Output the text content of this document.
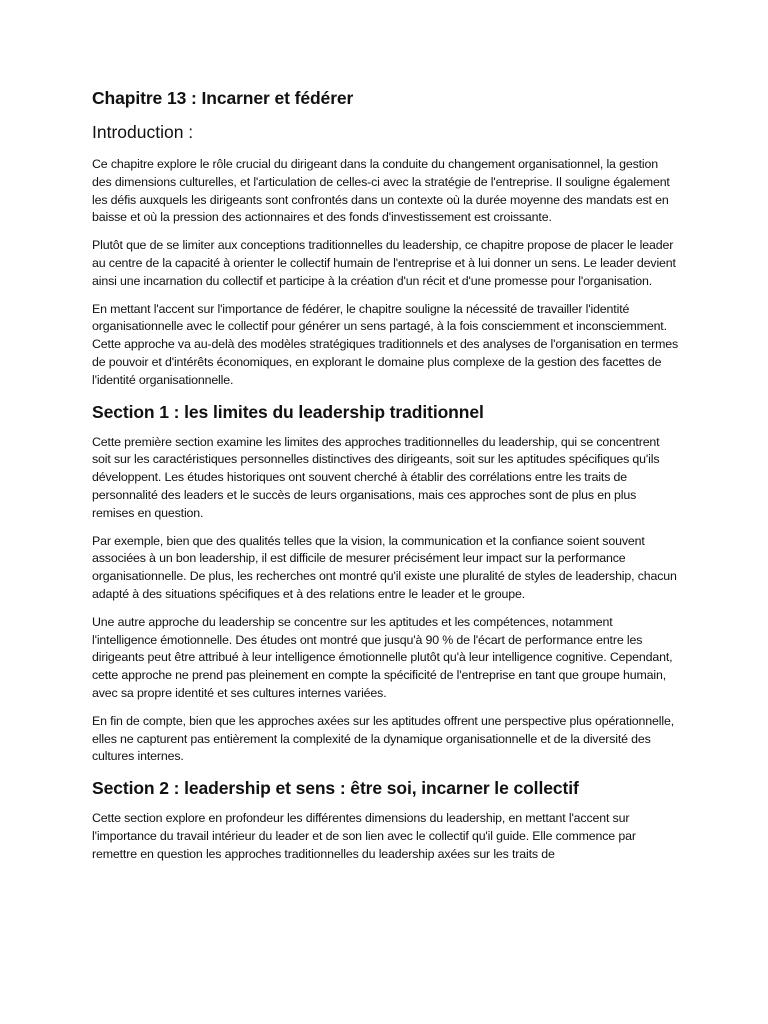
Chapitre 13 : Incarner et fédérer
Introduction :

Ce chapitre explore le rôle crucial du dirigeant dans la conduite du changement organisationnel, la gestion des dimensions culturelles, et l'articulation de celles-ci avec la stratégie de l'entreprise. Il souligne également les défis auxquels les dirigeants sont confrontés dans un contexte où la durée moyenne des mandats est en baisse et où la pression des actionnaires et des fonds d'investissement est croissante.

Plutôt que de se limiter aux conceptions traditionnelles du leadership, ce chapitre propose de placer le leader au centre de la capacité à orienter le collectif humain de l'entreprise et à lui donner un sens. Le leader devient ainsi une incarnation du collectif et participe à la création d'un récit et d'une promesse pour l'organisation.

En mettant l'accent sur l'importance de fédérer, le chapitre souligne la nécessité de travailler l'identité organisationnelle avec le collectif pour générer un sens partagé, à la fois consciemment et inconsciemment. Cette approche va au-delà des modèles stratégiques traditionnels et des analyses de l'organisation en termes de pouvoir et d'intérêts économiques, en explorant le domaine plus complexe de la gestion des facettes de l'identité organisationnelle.

Section 1 : les limites du leadership traditionnel

Cette première section examine les limites des approches traditionnelles du leadership, qui se concentrent soit sur les caractéristiques personnelles distinctives des dirigeants, soit sur les aptitudes spécifiques qu'ils développent. Les études historiques ont souvent cherché à établir des corrélations entre les traits de personnalité des leaders et le succès de leurs organisations, mais ces approches sont de plus en plus remises en question.

Par exemple, bien que des qualités telles que la vision, la communication et la confiance soient souvent associées à un bon leadership, il est difficile de mesurer précisément leur impact sur la performance organisationnelle. De plus, les recherches ont montré qu'il existe une pluralité de styles de leadership, chacun adapté à des situations spécifiques et à des relations entre le leader et le groupe.

Une autre approche du leadership se concentre sur les aptitudes et les compétences, notamment l'intelligence émotionnelle. Des études ont montré que jusqu'à 90 % de l'écart de performance entre les dirigeants peut être attribué à leur intelligence émotionnelle plutôt qu'à leur intelligence cognitive. Cependant, cette approche ne prend pas pleinement en compte la spécificité de l'entreprise en tant que groupe humain, avec sa propre identité et ses cultures internes variées.

En fin de compte, bien que les approches axées sur les aptitudes offrent une perspective plus opérationnelle, elles ne capturent pas entièrement la complexité de la dynamique organisationnelle et de la diversité des cultures internes.

Section 2 : leadership et sens : être soi, incarner le collectif

Cette section explore en profondeur les différentes dimensions du leadership, en mettant l'accent sur l'importance du travail intérieur du leader et de son lien avec le collectif qu'il guide. Elle commence par remettre en question les approches traditionnelles du leadership axées sur les traits de
